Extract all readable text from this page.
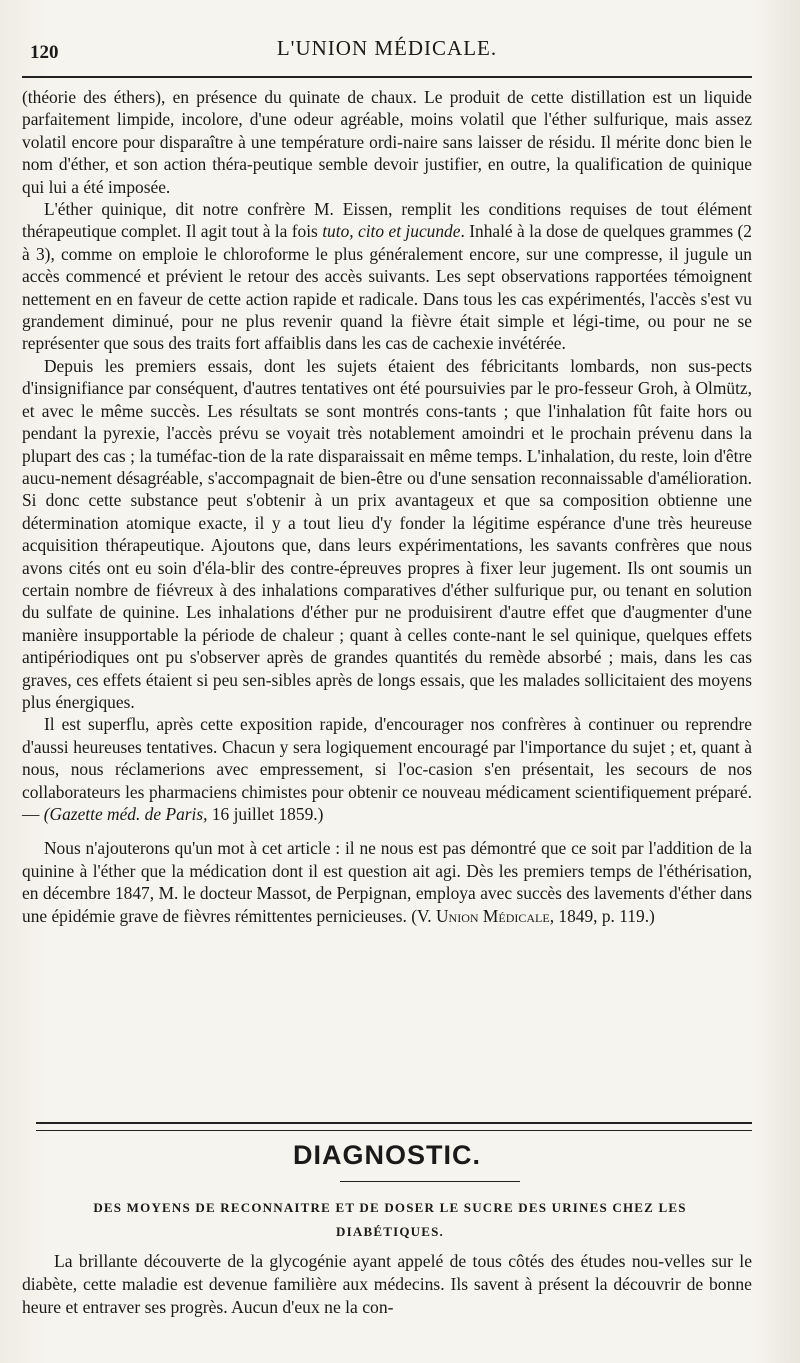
120	L'UNION MÉDICALE.

(théorie des éthers), en présence du quinate de chaux. Le produit de cette distillation est un liquide parfaitement limpide, incolore, d'une odeur agréable, moins volatil que l'éther sulfurique, mais assez volatil encore pour disparaître à une température ordi-naire sans laisser de résidu. Il mérite donc bien le nom d'éther, et son action théra-peutique semble devoir justifier, en outre, la qualification de quinique qui lui a été imposée.

L'éther quinique, dit notre confrère M. Eissen, remplit les conditions requises de tout élément thérapeutique complet. Il agit tout à la fois tuto, cito et jucunde. Inhalé à la dose de quelques grammes (2 à 3), comme on emploie le chloroforme le plus généralement encore, sur une compresse, il jugule un accès commencé et prévient le retour des accès suivants. Les sept observations rapportées témoignent nettement en en faveur de cette action rapide et radicale. Dans tous les cas expérimentés, l'accès s'est vu grandement diminué, pour ne plus revenir quand la fièvre était simple et légi-time, ou pour ne se représenter que sous des traits fort affaiblis dans les cas de cachexie invétérée.

Depuis les premiers essais, dont les sujets étaient des fébricitants lombards, non sus-pects d'insignifiance par conséquent, d'autres tentatives ont été poursuivies par le pro-fesseur Groh, à Olmütz, et avec le même succès. Les résultats se sont montrés cons-tants ; que l'inhalation fût faite hors ou pendant la pyrexie, l'accès prévu se voyait très notablement amoindri et le prochain prévenu dans la plupart des cas ; la tuméfac-tion de la rate disparaissait en même temps. L'inhalation, du reste, loin d'être aucu-nement désagréable, s'accompagnait de bien-être ou d'une sensation reconnaissable d'amélioration. Si donc cette substance peut s'obtenir à un prix avantageux et que sa composition obtienne une détermination atomique exacte, il y a tout lieu d'y fonder la légitime espérance d'une très heureuse acquisition thérapeutique. Ajoutons que, dans leurs expérimentations, les savants confrères que nous avons cités ont eu soin d'éla-blir des contre-épreuves propres à fixer leur jugement. Ils ont soumis un certain nombre de fiévreux à des inhalations comparatives d'éther sulfurique pur, ou tenant en solution du sulfate de quinine. Les inhalations d'éther pur ne produisirent d'autre effet que d'augmenter d'une manière insupportable la période de chaleur ; quant à celles conte-nant le sel quinique, quelques effets antipériodiques ont pu s'observer après de grandes quantités du remède absorbé ; mais, dans les cas graves, ces effets étaient si peu sen-sibles après de longs essais, que les malades sollicitaient des moyens plus énergiques.

Il est superflu, après cette exposition rapide, d'encourager nos confrères à continuer ou reprendre d'aussi heureuses tentatives. Chacun y sera logiquement encouragé par l'importance du sujet ; et, quant à nous, nous réclamerions avec empressement, si l'oc-casion s'en présentait, les secours de nos collaborateurs les pharmaciens chimistes pour obtenir ce nouveau médicament scientifiquement préparé. — (Gazette méd. de Paris, 16 juillet 1859.)

Nous n'ajouterons qu'un mot à cet article : il ne nous est pas démontré que ce soit par l'addition de la quinine à l'éther que la médication dont il est question ait agi. Dès les premiers temps de l'éthérisation, en décembre 1847, M. le docteur Massot, de Perpignan, employa avec succès des lavements d'éther dans une épidémie grave de fièvres rémittentes pernicieuses. (V. Union Médicale, 1849, p. 119.)

DIAGNOSTIC.
DES MOYENS DE RECONNAITRE ET DE DOSER LE SUCRE DES URINES CHEZ LES DIABÉTIQUES.

La brillante découverte de la glycogénie ayant appelé de tous côtés des études nou-velles sur le diabète, cette maladie est devenue familière aux médecins. Ils savent à présent la découvrir de bonne heure et entraver ses progrès. Aucun d'eux ne la con-
